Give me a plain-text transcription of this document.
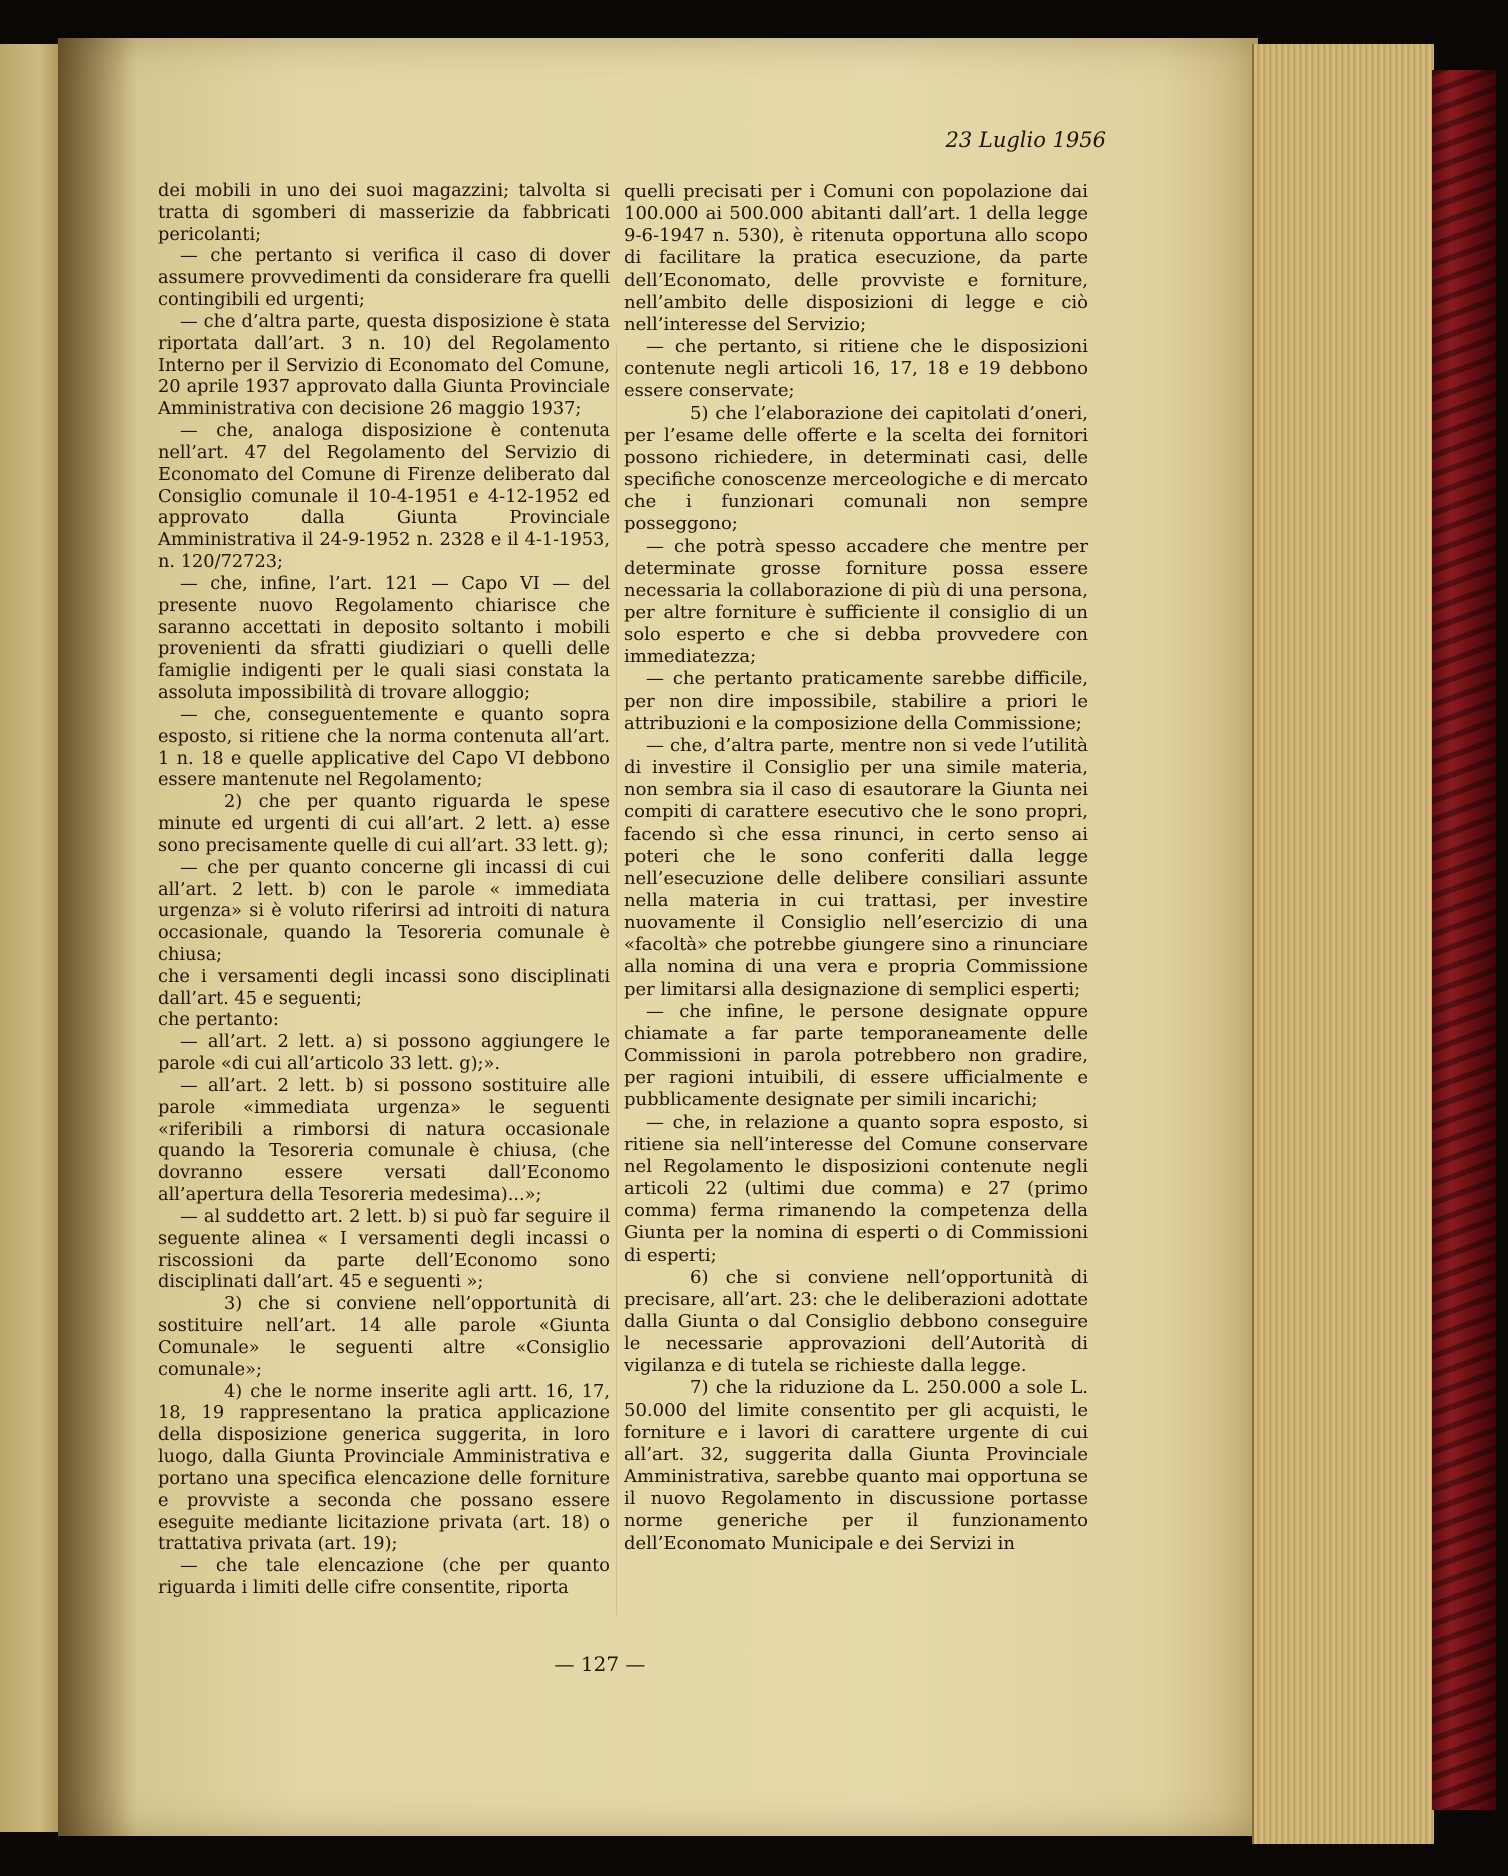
23 Luglio 1956

dei mobili in uno dei suoi magazzini; talvolta si tratta di sgomberi di masserizie da fabbricati pericolanti;

— che pertanto si verifica il caso di dover assumere provvedimenti da considerare fra quelli contingibili ed urgenti;

— che d’altra parte, questa disposizione è stata riportata dall’art. 3 n. 10) del Regolamento Interno per il Servizio di Economato del Comune, 20 aprile 1937 approvato dalla Giunta Provinciale Amministrativa con decisione 26 maggio 1937;

— che, analoga disposizione è contenuta nell’art. 47 del Regolamento del Servizio di Economato del Comune di Firenze deliberato dal Consiglio comunale il 10-4-1951 e 4-12-1952 ed approvato dalla Giunta Provinciale Amministrativa il 24-9-1952 n. 2328 e il 4-1-1953, n. 120/72723;

— che, infine, l’art. 121 — Capo VI — del presente nuovo Regolamento chiarisce che saranno accettati in deposito soltanto i mobili provenienti da sfratti giudiziari o quelli delle famiglie indigenti per le quali siasi constata la assoluta impossibilità di trovare alloggio;

— che, conseguentemente e quanto sopra esposto, si ritiene che la norma contenuta all’art. 1 n. 18 e quelle applicative del Capo VI debbono essere mantenute nel Regolamento;

2) che per quanto riguarda le spese minute ed urgenti di cui all’art. 2 lett. a) esse sono precisamente quelle di cui all’art. 33 lett. g);

— che per quanto concerne gli incassi di cui all’art. 2 lett. b) con le parole « immediata urgenza» si è voluto riferirsi ad introiti di natura occasionale, quando la Tesoreria comunale è chiusa;

che i versamenti degli incassi sono disciplinati dall’art. 45 e seguenti;

che pertanto:

— all’art. 2 lett. a) si possono aggiungere le parole «di cui all’articolo 33 lett. g);».

— all’art. 2 lett. b) si possono sostituire alle parole «immediata urgenza» le seguenti «riferibili a rimborsi di natura occasionale quando la Tesoreria comunale è chiusa, (che dovranno essere versati dall’Economo all’apertura della Tesoreria medesima)...»;

— al suddetto art. 2 lett. b) si può far seguire il seguente alinea « I versamenti degli incassi o riscossioni da parte dell’Economo sono disciplinati dall’art. 45 e seguenti »;

3) che si conviene nell’opportunità di sostituire nell’art. 14 alle parole «Giunta Comunale» le seguenti altre «Consiglio comunale»;

4) che le norme inserite agli artt. 16, 17, 18, 19 rappresentano la pratica applicazione della disposizione generica suggerita, in loro luogo, dalla Giunta Provinciale Amministrativa e portano una specifica elencazione delle forniture e provviste a seconda che possano essere eseguite mediante licitazione privata (art. 18) o trattativa privata (art. 19);

— che tale elencazione (che per quanto riguarda i limiti delle cifre consentite, riporta

quelli precisati per i Comuni con popolazione dai 100.000 ai 500.000 abitanti dall’art. 1 della legge 9-6-1947 n. 530), è ritenuta opportuna allo scopo di facilitare la pratica esecuzione, da parte dell’Economato, delle provviste e forniture, nell’ambito delle disposizioni di legge e ciò nell’interesse del Servizio;

— che pertanto, si ritiene che le disposizioni contenute negli articoli 16, 17, 18 e 19 debbono essere conservate;

5) che l’elaborazione dei capitolati d’oneri, per l’esame delle offerte e la scelta dei fornitori possono richiedere, in determinati casi, delle specifiche conoscenze merceologiche e di mercato che i funzionari comunali non sempre posseggono;

— che potrà spesso accadere che mentre per determinate grosse forniture possa essere necessaria la collaborazione di più di una persona, per altre forniture è sufficiente il consiglio di un solo esperto e che si debba provvedere con immediatezza;

— che pertanto praticamente sarebbe difficile, per non dire impossibile, stabilire a priori le attribuzioni e la composizione della Commissione;

— che, d’altra parte, mentre non si vede l’utilità di investire il Consiglio per una simile materia, non sembra sia il caso di esautorare la Giunta nei compiti di carattere esecutivo che le sono propri, facendo sì che essa rinunci, in certo senso ai poteri che le sono conferiti dalla legge nell’esecuzione delle delibere consiliari assunte nella materia in cui trattasi, per investire nuovamente il Consiglio nell’esercizio di una «facoltà» che potrebbe giungere sino a rinunciare alla nomina di una vera e propria Commissione per limitarsi alla designazione di semplici esperti;

— che infine, le persone designate oppure chiamate a far parte temporaneamente delle Commissioni in parola potrebbero non gradire, per ragioni intuibili, di essere ufficialmente e pubblicamente designate per simili incarichi;

— che, in relazione a quanto sopra esposto, si ritiene sia nell’interesse del Comune conservare nel Regolamento le disposizioni contenute negli articoli 22 (ultimi due comma) e 27 (primo comma) ferma rimanendo la competenza della Giunta per la nomina di esperti o di Commissioni di esperti;

6) che si conviene nell’opportunità di precisare, all’art. 23: che le deliberazioni adottate dalla Giunta o dal Consiglio debbono conseguire le necessarie approvazioni dell’Autorità di vigilanza e di tutela se richieste dalla legge.

7) che la riduzione da L. 250.000 a sole L. 50.000 del limite consentito per gli acquisti, le forniture e i lavori di carattere urgente di cui all’art. 32, suggerita dalla Giunta Provinciale Amministrativa, sarebbe quanto mai opportuna se il nuovo Regolamento in discussione portasse norme generiche per il funzionamento dell’Economato Municipale e dei Servizi in

— 127 —
